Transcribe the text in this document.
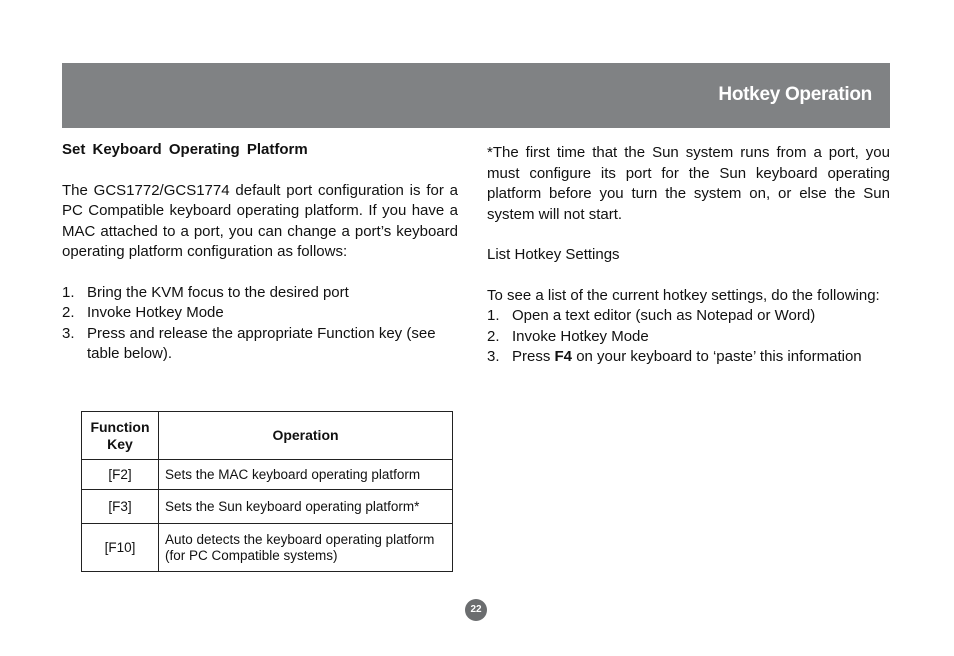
Hotkey Operation

Set Keyboard Operating Platform

The GCS1772/GCS1774 default port configuration is for a PC Compatible keyboard operating platform. If you have a MAC attached to a port, you can change a port’s keyboard operating platform configuration as follows:

1. Bring the KVM focus to the desired port
2. Invoke Hotkey Mode
3. Press and release the appropriate Function key (see table below).
Function Key	Operation
[F2]	Sets the MAC keyboard operating platform
[F3]	Sets the Sun keyboard operating platform*
[F10]	Auto detects the keyboard operating platform (for PC Compatible systems)

*The first time that the Sun system runs from a port, you must configure its port for the Sun keyboard operating platform before you turn the system on, or else the Sun system will not start.

List Hotkey Settings

To see a list of the current hotkey settings, do the following:

1. Open a text editor (such as Notepad or Word)
2. Invoke Hotkey Mode
3. Press F4 on your keyboard to ‘paste’ this information
22
